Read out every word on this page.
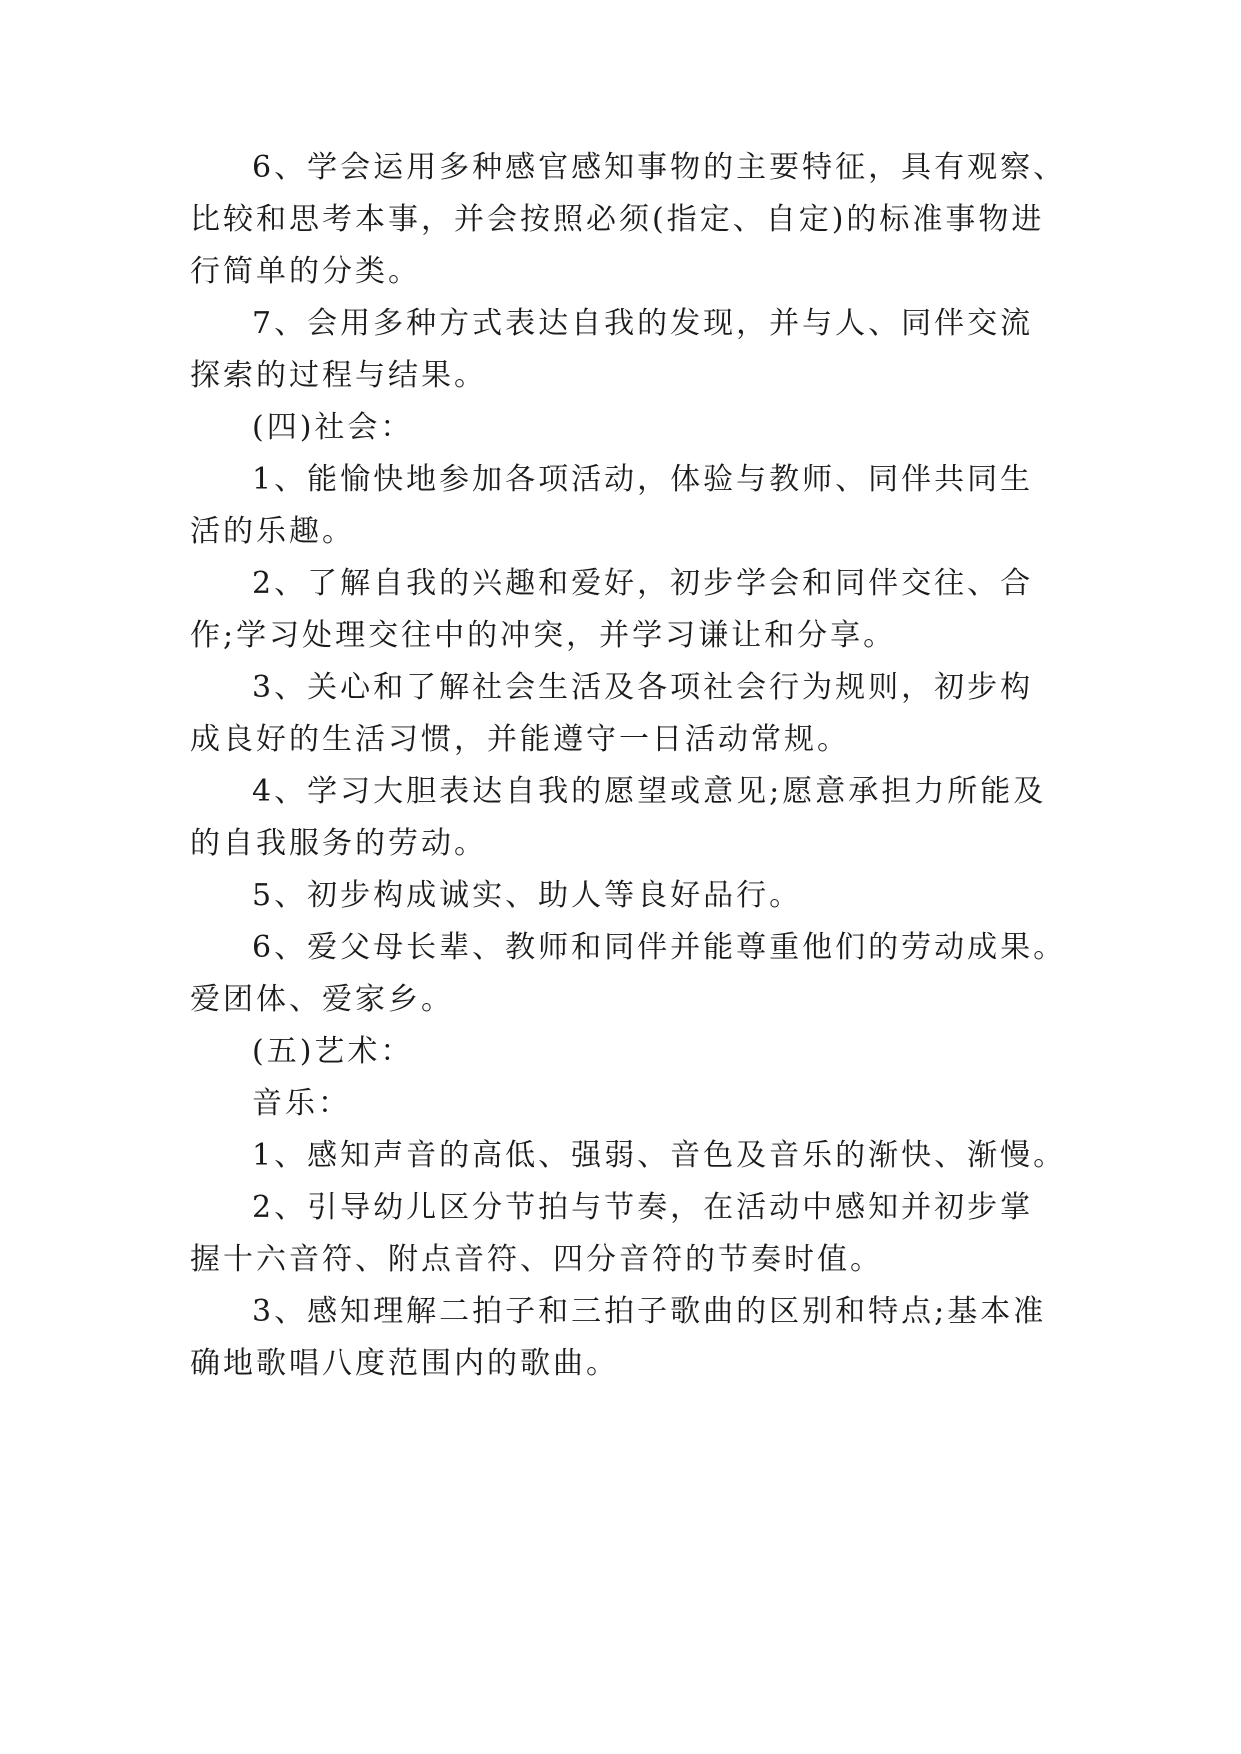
6、学会运用多种感官感知事物的主要特征，具有观察、
比较和思考本事，并会按照必须(指定、自定)的标准事物进
行简单的分类。
7、会用多种方式表达自我的发现，并与人、同伴交流
探索的过程与结果。
(四)社会：
1、能愉快地参加各项活动，体验与教师、同伴共同生
活的乐趣。
2、了解自我的兴趣和爱好，初步学会和同伴交往、合
作;学习处理交往中的冲突，并学习谦让和分享。
3、关心和了解社会生活及各项社会行为规则，初步构
成良好的生活习惯，并能遵守一日活动常规。
4、学习大胆表达自我的愿望或意见;愿意承担力所能及
的自我服务的劳动。
5、初步构成诚实、助人等良好品行。
6、爱父母长辈、教师和同伴并能尊重他们的劳动成果。
爱团体、爱家乡。
(五)艺术：
音乐：
1、感知声音的高低、强弱、音色及音乐的渐快、渐慢。
2、引导幼儿区分节拍与节奏，在活动中感知并初步掌
握十六音符、附点音符、四分音符的节奏时值。
3、感知理解二拍子和三拍子歌曲的区别和特点;基本准
确地歌唱八度范围内的歌曲。
